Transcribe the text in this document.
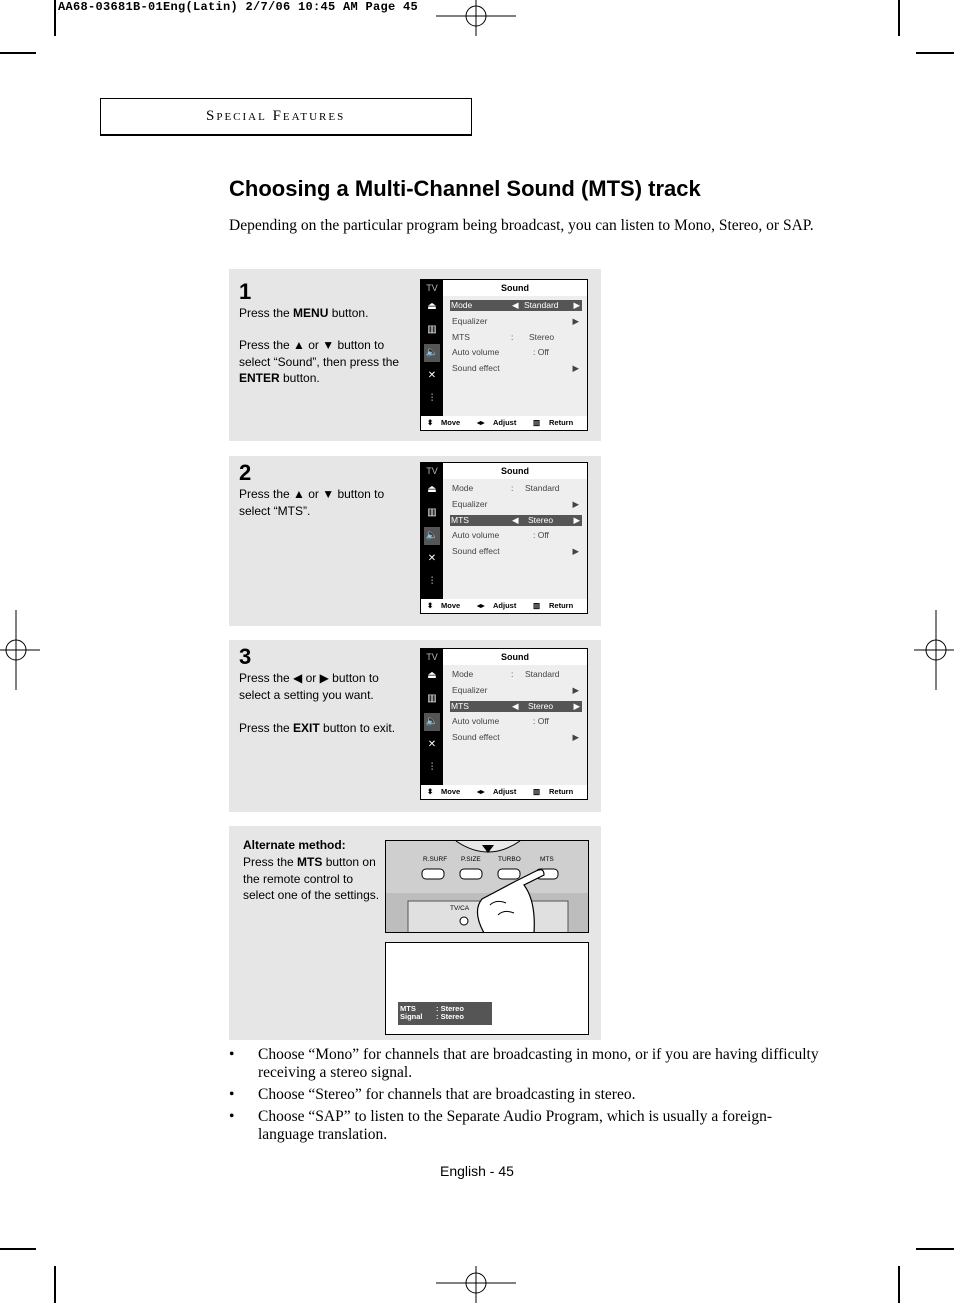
AA68-03681B-01Eng(Latin) 2/7/06 10:45 AM Page 45
Special Features
Choosing a Multi-Channel Sound (MTS) track
Depending on the particular program being broadcast, you can listen to Mono, Stereo, or SAP.
1
Press the MENU button.
Press the ▲ or ▼ button to select “Sound”, then press the ENTER button.
TV
⏏
▥
🔈
✕
⫶
Sound
Mode	◀ Standard ▶
Equalizer	▶
MTS	: Stereo
Auto volume	: Off
Sound effect	▶
⬍ Move ◂▸ Adjust ▥ Return
2
Press the ▲ or ▼ button to select “MTS”.
TV
⏏
▥
🔈
✕
⫶
Sound
Mode	: Standard
Equalizer	▶
MTS	◀ Stereo ▶
Auto volume	: Off
Sound effect	▶
⬍ Move ◂▸ Adjust ▥ Return
3
Press the ◀ or ▶ button to select a setting you want.
Press the EXIT button to exit.
TV
⏏
▥
🔈
✕
⫶
Sound
Mode	: Standard
Equalizer	▶
MTS	◀ Stereo ▶
Auto volume	: Off
Sound effect	▶
⬍ Move ◂▸ Adjust ▥ Return
Alternate method:
Press the MTS button on the remote control to select one of the settings.
R.SURF P.SIZE	TURBO	MTS
TV/CA
MTS	: Stereo
Signal : Stereo
• Choose “Mono” for channels that are broadcasting in mono, or if you are having difficulty receiving a stereo signal.
• Choose “Stereo” for channels that are broadcasting in stereo.
• Choose “SAP” to listen to the Separate Audio Program, which is usually a foreign-language translation.
English - 45
